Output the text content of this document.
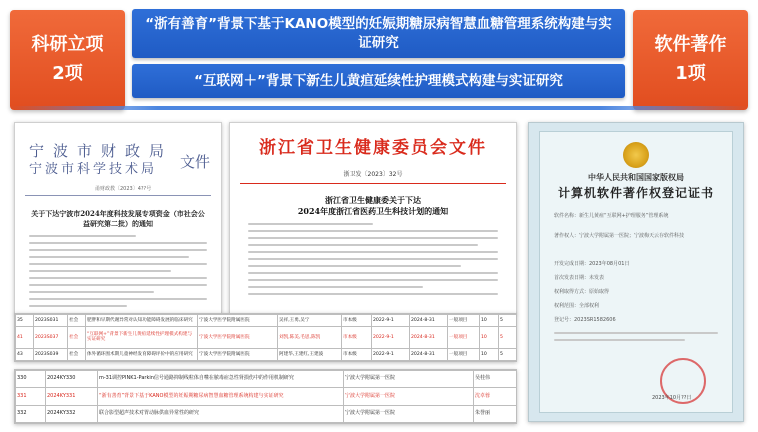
科研立项
2项
“浙有善育”背景下基于KANO模型的妊娠期糖尿病智慧血糖管理系统构建与实证研究
“互联网＋”背景下新生儿黄疸延续性护理模式构建与实证研究
软件著作
1项
宁波市财政局
宁波市科学技术局	文件
甬财政教〔2023〕4??号
关于下达宁波市2024年度科技发展专项资金（市社会公益研究第二批）的通知
浙江省卫生健康委员会文件
浙卫发〔2023〕32号
浙江省卫生健康委关于下达
2024年度浙江省医药卫生科技计划的通知
中华人民共和国国家版权局
计算机软件著作权登记证书
软件名称：新生儿黄疸“互联网+护理服务”管理系统
著作权人：宁波大学附属第一医院；宁波梅天云存软件科技
开发完成日期：2023年08月01日
首次发表日期：未发表
权利取得方式：原始取得
权利范围：全部权利
登记号：2023SR1582606
2023年10月??日
35	2023S031	社会	肥胖和早期代谢异常对认知功能障碍发展的临床研究	宁波大学医学院附属医院	吴祥,王勇,吴宁	市本级	2022-9-1	2024-8-31	一般项目	10	5
41	2023S037	社会	“互联网+”背景下新生儿黄疸延续性护理模式构建与实证研究	宁波大学医学院附属医院	刘凯,陈美,毛思,陈凯	市本级	2022-9-1	2024-8-31	一般项目	10	5
43	2023S039	社会	体外循环围术期儿童神经发育障碍评价中的应用研究	宁波大学医学院附属医院	阿建华,王建红,王建波	市本级	2022-9-1	2024-8-31	一般项目	10	5
330	2024KY330	m-31调控PINK1-Parkin信号通路抑制线粒体自噬在脓毒症急性肾损伤中的作用机制研究	宁波大学附属第一医院	吴桂伟
331	2024KY331	“浙有善育”背景下基于KANO模型的妊娠期糖尿病智慧血糖管理系统构建与实证研究	宁波大学附属第一医院	沈卓蓉
332	2024KY332	联合影型超声技术对胃动脉供血异常性的研究	宁波大学附属第一医院	朱誉丽
